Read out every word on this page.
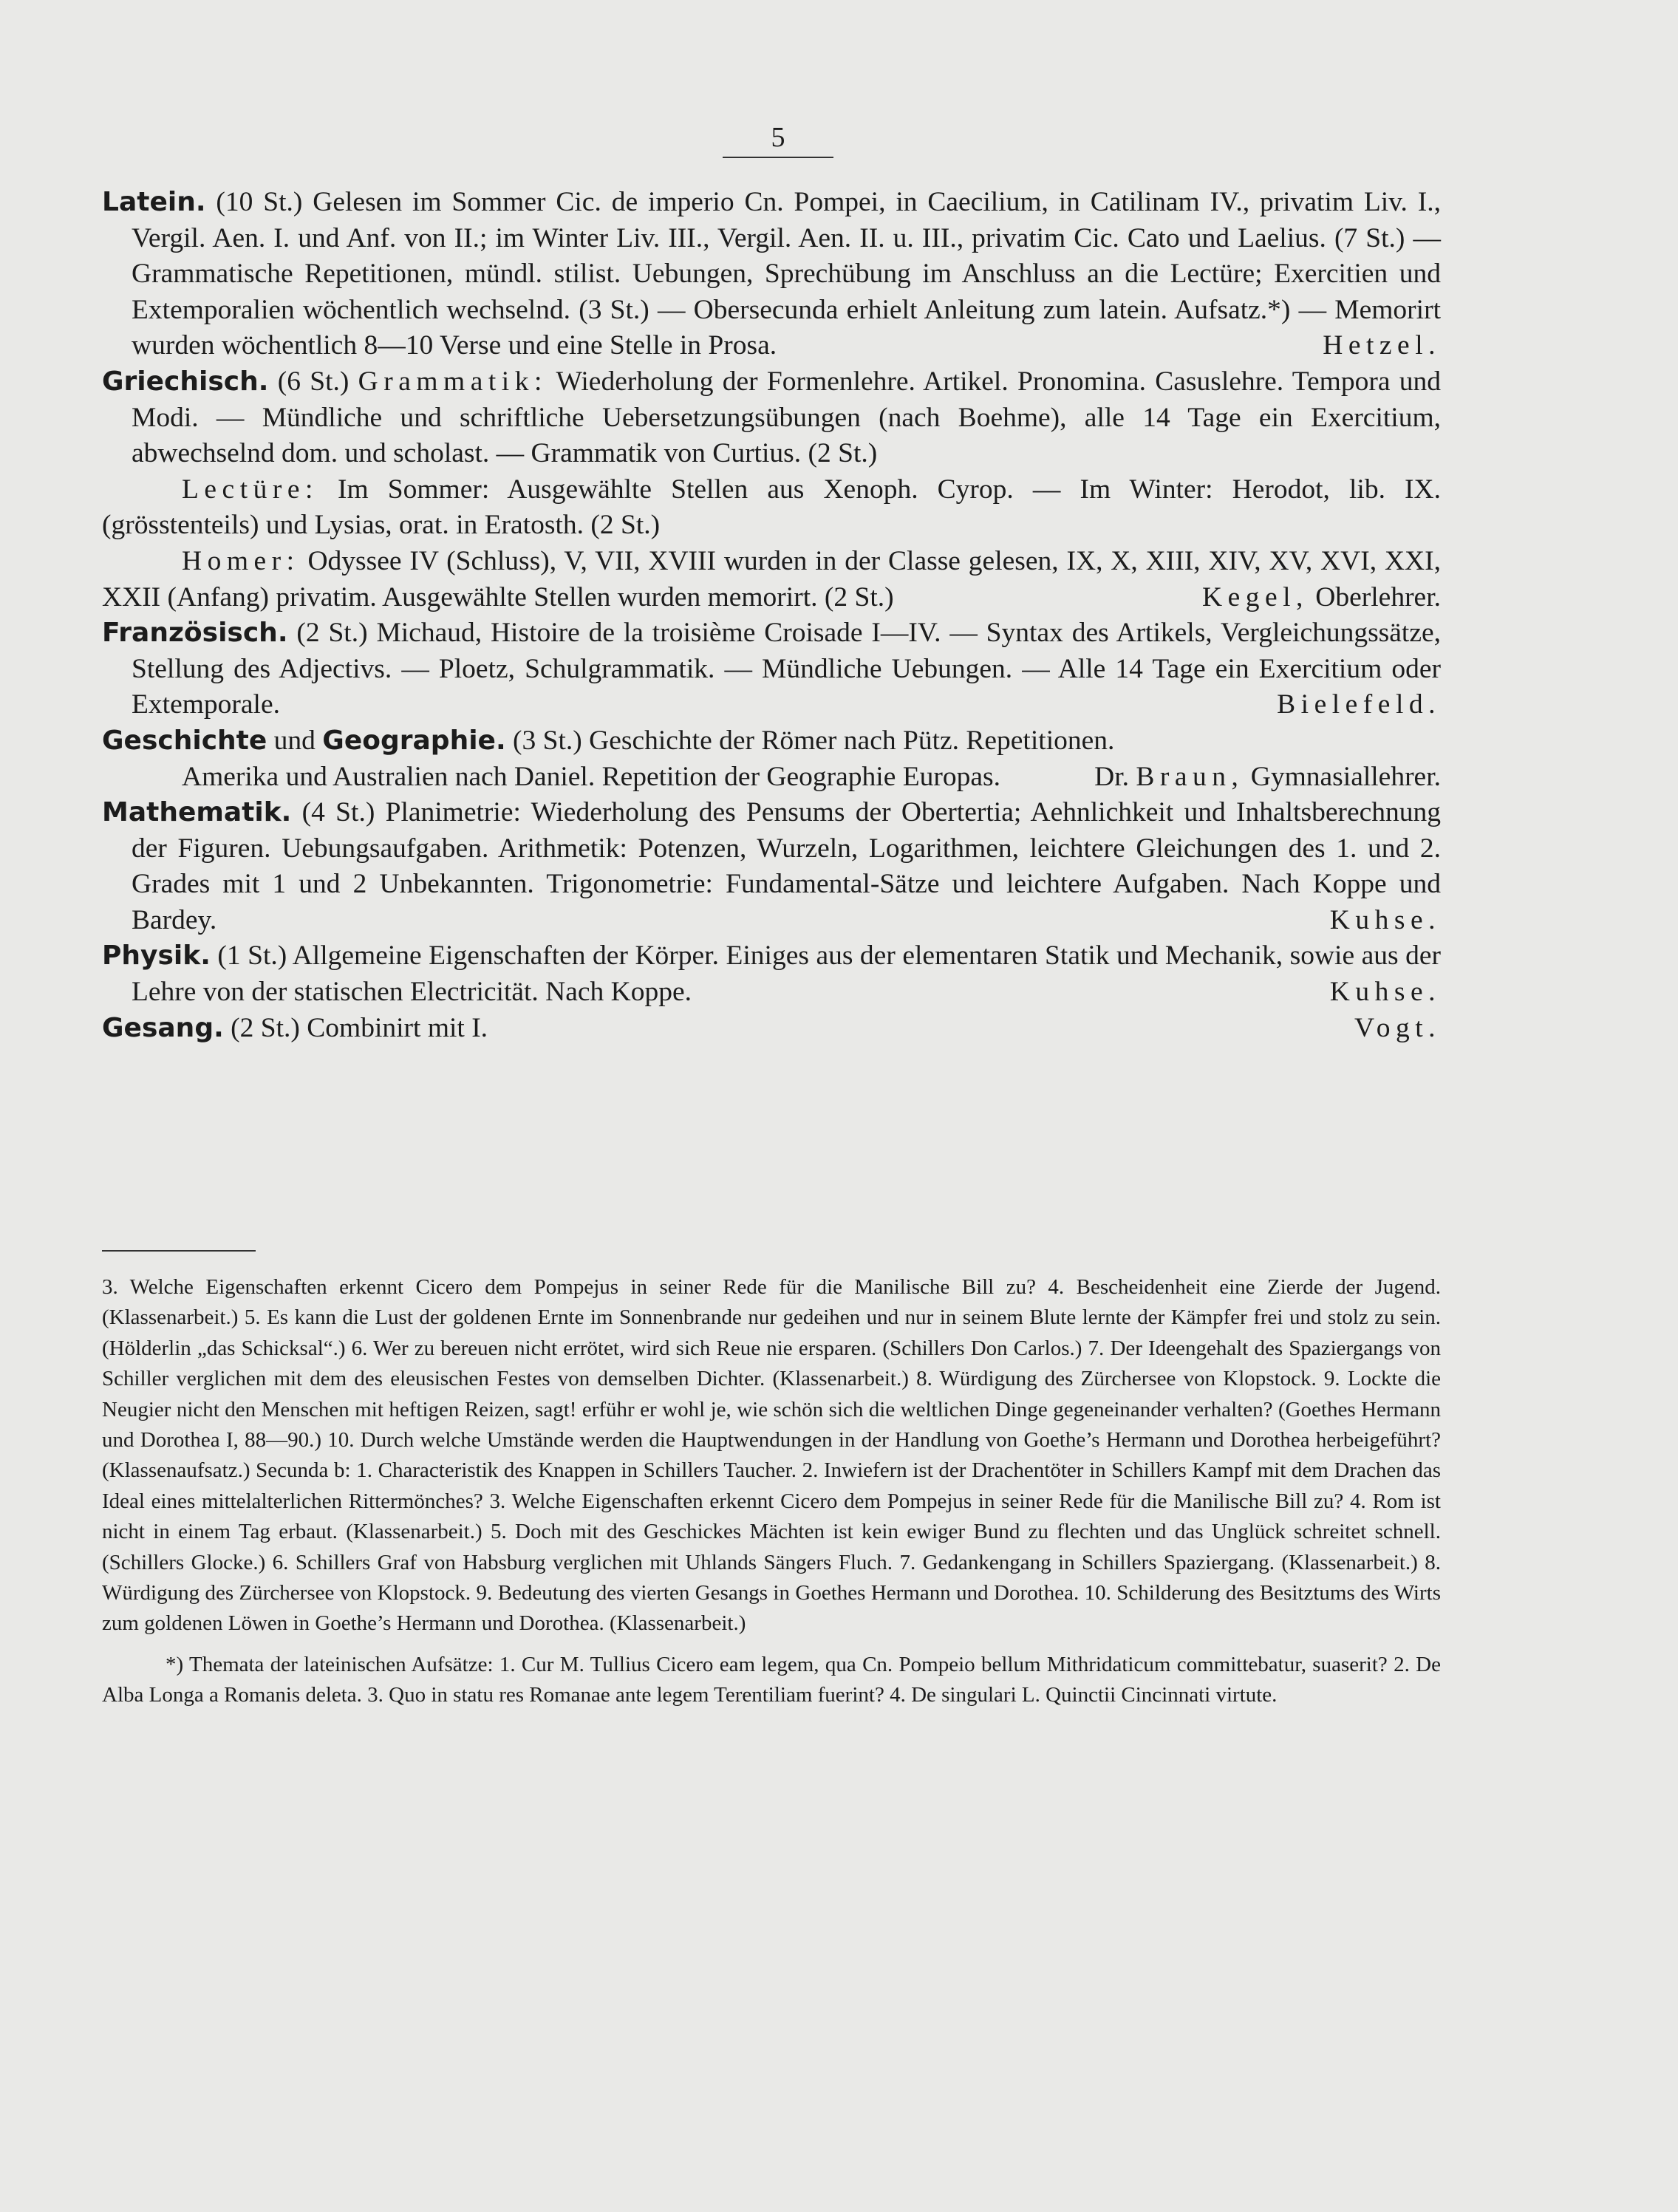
5

Latein. (10 St.) Gelesen im Sommer Cic. de imperio Cn. Pompei, in Caecilium, in Catilinam IV., privatim Liv. I., Vergil. Aen. I. und Anf. von II.; im Winter Liv. III., Vergil. Aen. II. u. III., privatim Cic. Cato und Laelius. (7 St.) — Grammatische Repetitionen, mündl. stilist. Uebungen, Sprechübung im Anschluss an die Lectüre; Exercitien und Extemporalien wöchentlich wechselnd. (3 St.) — Obersecunda erhielt Anleitung zum latein. Aufsatz.*) — Memorirt wurden wöchentlich 8—10 Verse und eine Stelle in Prosa.	Hetzel.

Griechisch. (6 St.) Grammatik: Wiederholung der Formenlehre. Artikel. Pronomina. Casuslehre. Tempora und Modi. — Mündliche und schriftliche Uebersetzungsübungen (nach Boehme), alle 14 Tage ein Exercitium, abwechselnd dom. und scholast. — Grammatik von Curtius. (2 St.)

Lectüre: Im Sommer: Ausgewählte Stellen aus Xenoph. Cyrop. — Im Winter: Herodot, lib. IX. (grösstenteils) und Lysias, orat. in Eratosth. (2 St.)

Homer: Odyssee IV (Schluss), V, VII, XVIII wurden in der Classe gelesen, IX, X, XIII, XIV, XV, XVI, XXI, XXII (Anfang) privatim. Ausgewählte Stellen wurden memorirt. (2 St.)	Kegel, Oberlehrer.

Französisch. (2 St.) Michaud, Histoire de la troisième Croisade I—IV. — Syntax des Artikels, Vergleichungssätze, Stellung des Adjectivs. — Ploetz, Schulgrammatik. — Mündliche Uebungen. — Alle 14 Tage ein Exercitium oder Extemporale.	Bielefeld.

Geschichte und Geographie. (3 St.) Geschichte der Römer nach Pütz. Repetitionen.

Amerika und Australien nach Daniel. Repetition der Geographie Europas.	Dr. Braun, Gymnasiallehrer.

Mathematik. (4 St.) Planimetrie: Wiederholung des Pensums der Obertertia; Aehnlichkeit und Inhaltsberechnung der Figuren. Uebungsaufgaben. Arithmetik: Potenzen, Wurzeln, Logarithmen, leichtere Gleichungen des 1. und 2. Grades mit 1 und 2 Unbekannten. Trigonometrie: Fundamental-Sätze und leichtere Aufgaben. Nach Koppe und Bardey.	Kuhse.

Physik. (1 St.) Allgemeine Eigenschaften der Körper. Einiges aus der elementaren Statik und Mechanik, sowie aus der Lehre von der statischen Electricität. Nach Koppe.	Kuhse.

Gesang. (2 St.) Combinirt mit I.	Vogt.

3. Welche Eigenschaften erkennt Cicero dem Pompejus in seiner Rede für die Manilische Bill zu? 4. Bescheidenheit eine Zierde der Jugend. (Klassenarbeit.) 5. Es kann die Lust der goldenen Ernte im Sonnenbrande nur gedeihen und nur in seinem Blute lernte der Kämpfer frei und stolz zu sein. (Hölderlin „das Schicksal“.) 6. Wer zu bereuen nicht errötet, wird sich Reue nie ersparen. (Schillers Don Carlos.) 7. Der Ideengehalt des Spaziergangs von Schiller verglichen mit dem des eleusischen Festes von demselben Dichter. (Klassenarbeit.) 8. Würdigung des Zürchersee von Klopstock. 9. Lockte die Neugier nicht den Menschen mit heftigen Reizen, sagt! erführ er wohl je, wie schön sich die weltlichen Dinge gegeneinander verhalten? (Goethes Hermann und Dorothea I, 88—90.) 10. Durch welche Umstände werden die Hauptwendungen in der Handlung von Goethe’s Hermann und Dorothea herbeigeführt? (Klassenaufsatz.) Secunda b: 1. Characteristik des Knappen in Schillers Taucher. 2. Inwiefern ist der Drachentöter in Schillers Kampf mit dem Drachen das Ideal eines mittelalterlichen Rittermönches? 3. Welche Eigenschaften erkennt Cicero dem Pompejus in seiner Rede für die Manilische Bill zu? 4. Rom ist nicht in einem Tag erbaut. (Klassenarbeit.) 5. Doch mit des Geschickes Mächten ist kein ewiger Bund zu flechten und das Unglück schreitet schnell. (Schillers Glocke.) 6. Schillers Graf von Habsburg verglichen mit Uhlands Sängers Fluch. 7. Gedankengang in Schillers Spaziergang. (Klassenarbeit.) 8. Würdigung des Zürchersee von Klopstock. 9. Bedeutung des vierten Gesangs in Goethes Hermann und Dorothea. 10. Schilderung des Besitztums des Wirts zum goldenen Löwen in Goethe’s Hermann und Dorothea. (Klassenarbeit.)

*) Themata der lateinischen Aufsätze: 1. Cur M. Tullius Cicero eam legem, qua Cn. Pompeio bellum Mithridaticum committebatur, suaserit? 2. De Alba Longa a Romanis deleta. 3. Quo in statu res Romanae ante legem Terentiliam fuerint? 4. De singulari L. Quinctii Cincinnati virtute.
